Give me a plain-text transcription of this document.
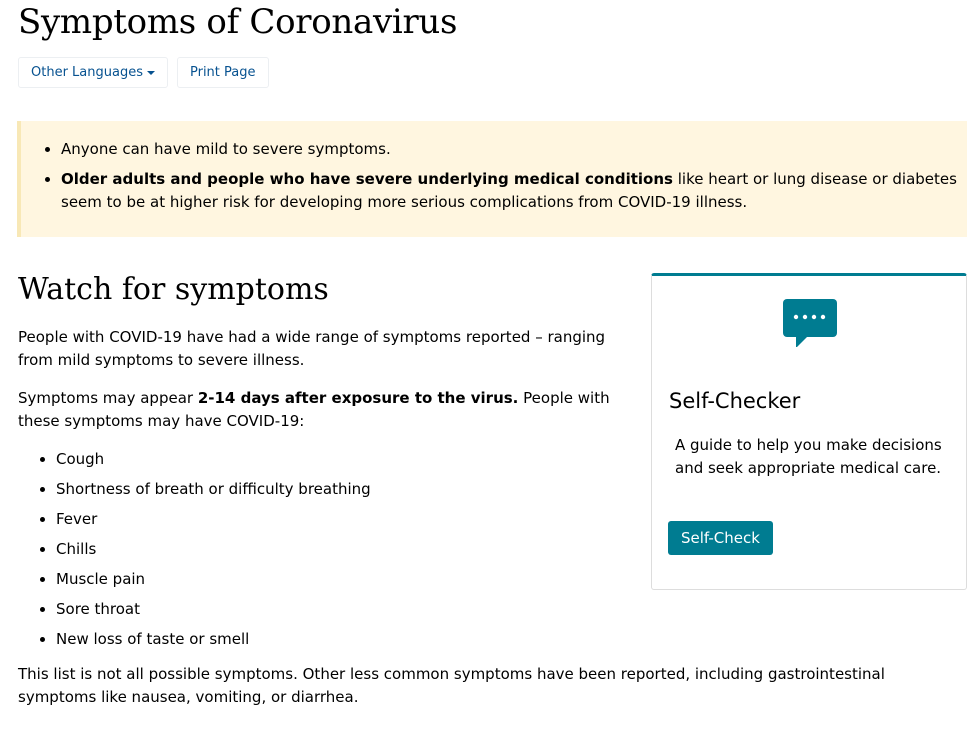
Symptoms of Coronavirus
Other Languages	Print Page
• Anyone can have mild to severe symptoms.
• Older adults and people who have severe underlying medical conditions like heart or lung disease or diabetes seem to be at higher risk for developing more serious complications from COVID-19 illness.
Watch for symptoms

People with COVID-19 have had a wide range of symptoms reported – ranging from mild symptoms to severe illness.

Symptoms may appear 2-14 days after exposure to the virus. People with these symptoms may have COVID-19:

• Cough
• Shortness of breath or difficulty breathing
• Fever
• Chills
• Muscle pain
• Sore throat
• New loss of taste or smell

This list is not all possible symptoms. Other less common symptoms have been reported, including gastrointestinal symptoms like nausea, vomiting, or diarrhea.

Self-Checker

A guide to help you make decisions and seek appropriate medical care.

Self-Check
